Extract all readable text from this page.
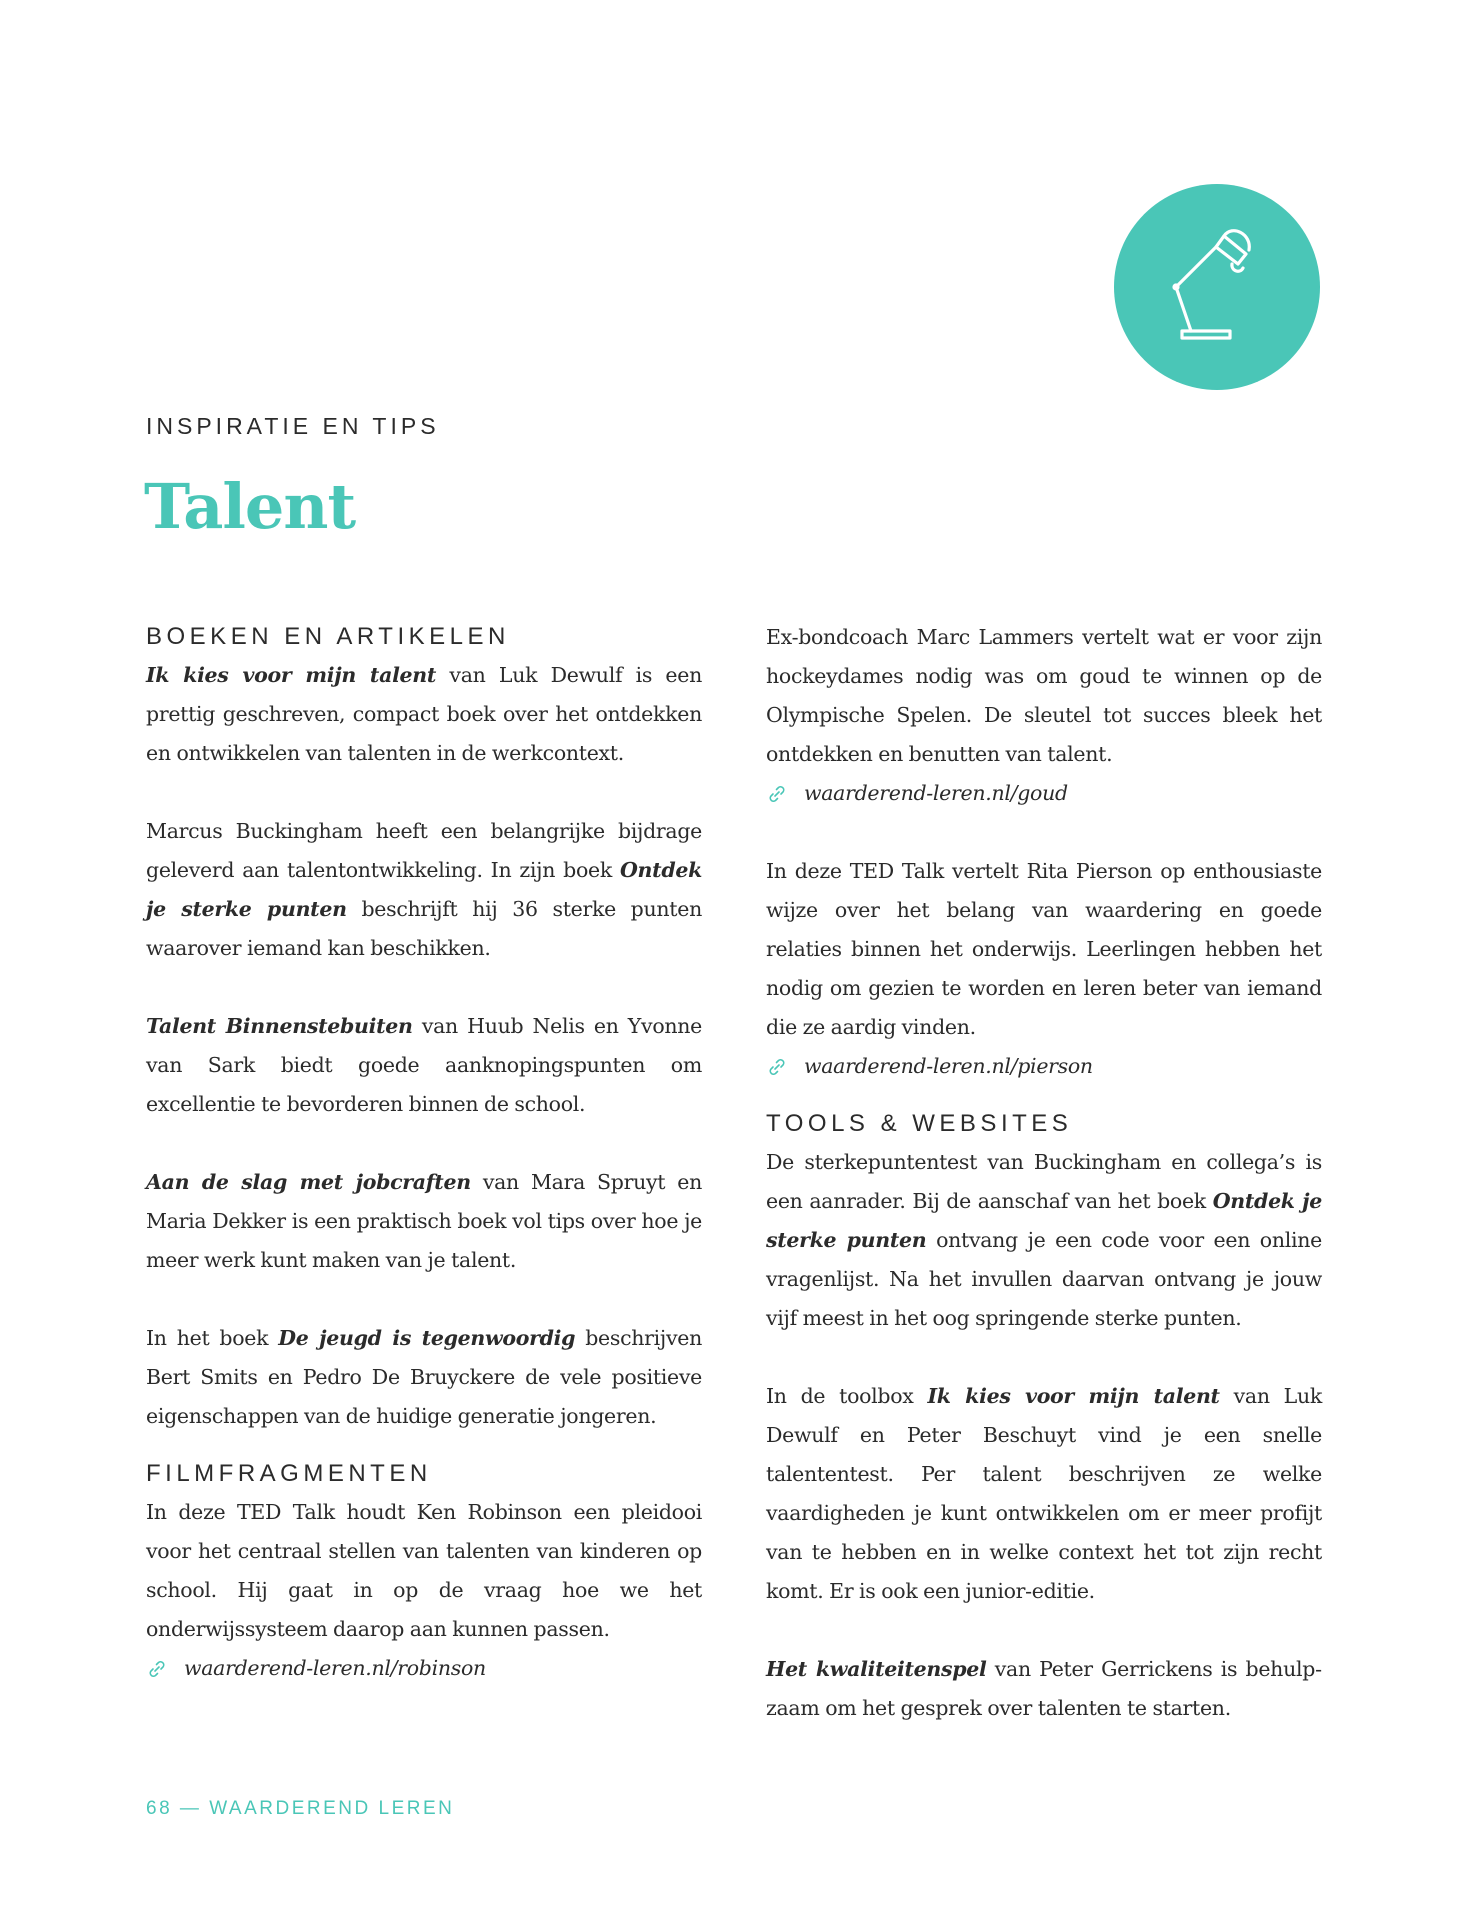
INSPIRATIE EN TIPS
Talent
BOEKEN EN ARTIKELEN

Ik kies voor mijn talent van Luk Dewulf is een prettig geschreven, compact boek over het ontdekken en ontwikkelen van talenten in de werkcontext.

Marcus Buckingham heeft een belangrijke bijdrage geleverd aan talentontwikkeling. In zijn boek Ontdek je sterke punten beschrijft hij 36 sterke punten waarover iemand kan beschikken.

Talent Binnenstebuiten van Huub Nelis en Yvonne van Sark biedt goede aanknopingspunten om excellentie te bevorderen binnen de school.

Aan de slag met jobcraften van Mara Spruyt en Maria Dekker is een praktisch boek vol tips over hoe je meer werk kunt maken van je talent.

In het boek De jeugd is tegenwoordig beschrijven Bert Smits en Pedro De Bruyckere de vele positieve eigenschappen van de huidige generatie jongeren.

FILMFRAGMENTEN

In deze TED Talk houdt Ken Robinson een pleidooi voor het centraal stellen van talenten van kinderen op school. Hij gaat in op de vraag hoe we het onderwijssysteem daarop aan kunnen passen.

waarderend-leren.nl/robinson

Ex-bondcoach Marc Lammers vertelt wat er voor zijn hockeydames nodig was om goud te winnen op de Olympische Spelen. De sleutel tot succes bleek het ontdekken en benutten van talent.

waarderend-leren.nl/goud

In deze TED Talk vertelt Rita Pierson op enthousiaste wijze over het belang van waardering en goede relaties binnen het onderwijs. Leerlingen hebben het nodig om gezien te worden en leren beter van iemand die ze aardig vinden.

waarderend-leren.nl/pierson

TOOLS & WEBSITES

De sterkepuntentest van Buckingham en collega’s is een aanrader. Bij de aanschaf van het boek Ontdek je sterke punten ontvang je een code voor een online vragenlijst. Na het invullen daarvan ontvang je jouw vijf meest in het oog springende sterke punten.

In de toolbox Ik kies voor mijn talent van Luk Dewulf en Peter Beschuyt vind je een snelle talententest. Per talent beschrijven ze welke vaardigheden je kunt ontwikkelen om er meer profijt van te hebben en in welke context het tot zijn recht komt. Er is ook een junior-editie.

Het kwaliteitenspel van Peter Gerrickens is behulpzaam om het gesprek over talenten te starten.

68 — WAARDEREND LEREN
